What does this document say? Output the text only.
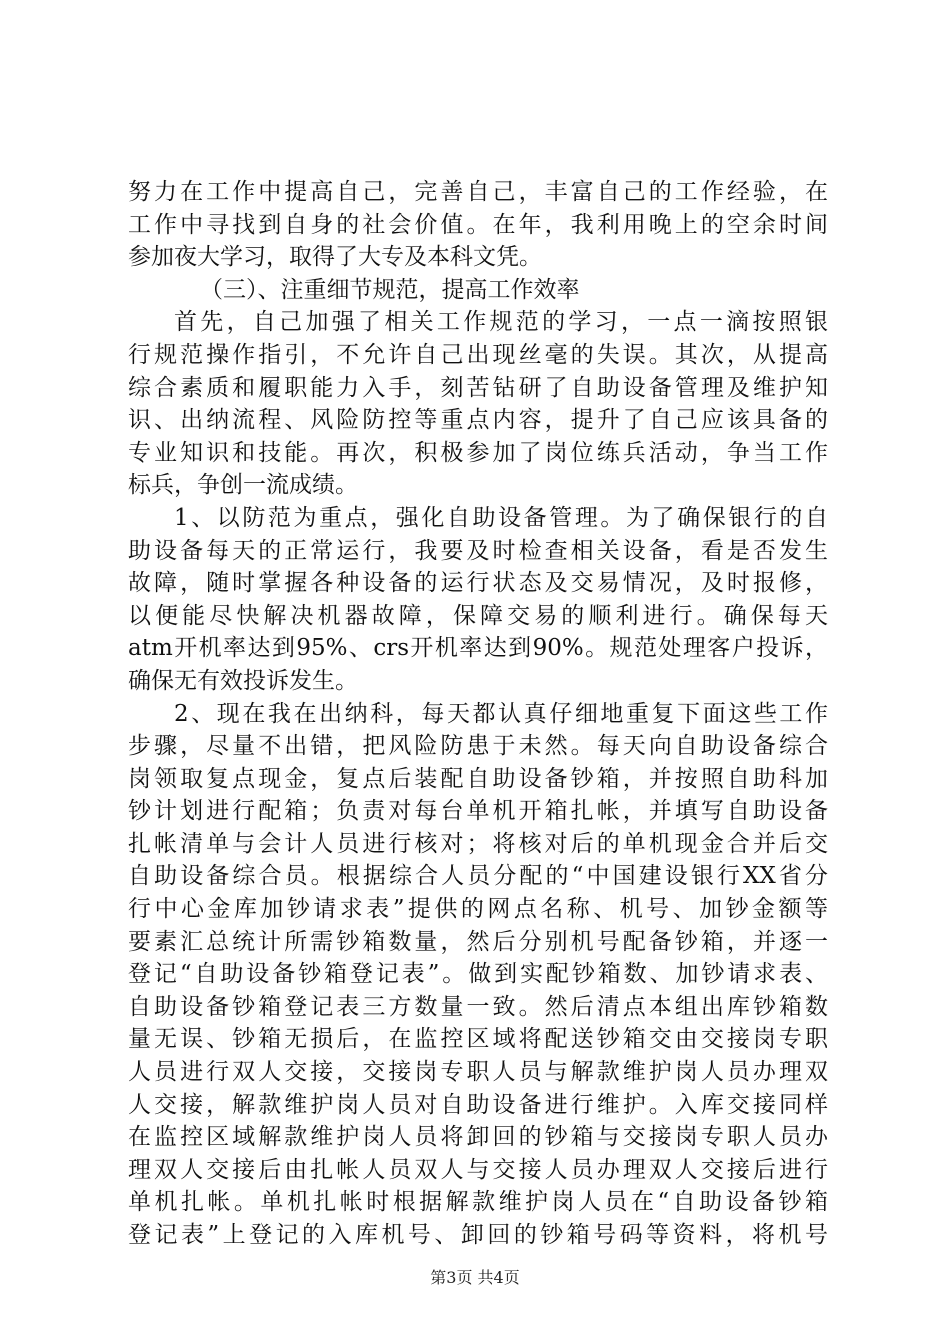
努力在工作中提高自己，完善自己，丰富自己的工作经验，在
工作中寻找到自身的社会价值。在年，我利用晚上的空余时间
参加夜大学习，取得了大专及本科文凭。
（三）、注重细节规范，提高工作效率
首先，自己加强了相关工作规范的学习，一点一滴按照银
行规范操作指引，不允许自己出现丝毫的失误。其次，从提高
综合素质和履职能力入手，刻苦钻研了自助设备管理及维护知
识、出纳流程、风险防控等重点内容，提升了自己应该具备的
专业知识和技能。再次，积极参加了岗位练兵活动，争当工作
标兵，争创一流成绩。
1、以防范为重点，强化自助设备管理。为了确保银行的自
助设备每天的正常运行，我要及时检查相关设备，看是否发生
故障，随时掌握各种设备的运行状态及交易情况，及时报修，
以便能尽快解决机器故障，保障交易的顺利进行。确保每天
atm开机率达到95%、crs开机率达到90%。规范处理客户投诉，
确保无有效投诉发生。
2、现在我在出纳科，每天都认真仔细地重复下面这些工作
步骤，尽量不出错，把风险防患于未然。每天向自助设备综合
岗领取复点现金，复点后装配自助设备钞箱，并按照自助科加
钞计划进行配箱；负责对每台单机开箱扎帐，并填写自助设备
扎帐清单与会计人员进行核对；将核对后的单机现金合并后交
自助设备综合员。根据综合人员分配的“中国建设银行XX省分
行中心金库加钞请求表”提供的网点名称、机号、加钞金额等
要素汇总统计所需钞箱数量，然后分别机号配备钞箱，并逐一
登记“自助设备钞箱登记表”。做到实配钞箱数、加钞请求表、
自助设备钞箱登记表三方数量一致。然后清点本组出库钞箱数
量无误、钞箱无损后，在监控区域将配送钞箱交由交接岗专职
人员进行双人交接，交接岗专职人员与解款维护岗人员办理双
人交接，解款维护岗人员对自助设备进行维护。入库交接同样
在监控区域解款维护岗人员将卸回的钞箱与交接岗专职人员办
理双人交接后由扎帐人员双人与交接人员办理双人交接后进行
单机扎帐。单机扎帐时根据解款维护岗人员在“自助设备钞箱
登记表”上登记的入库机号、卸回的钞箱号码等资料，将机号
第3页 共4页
